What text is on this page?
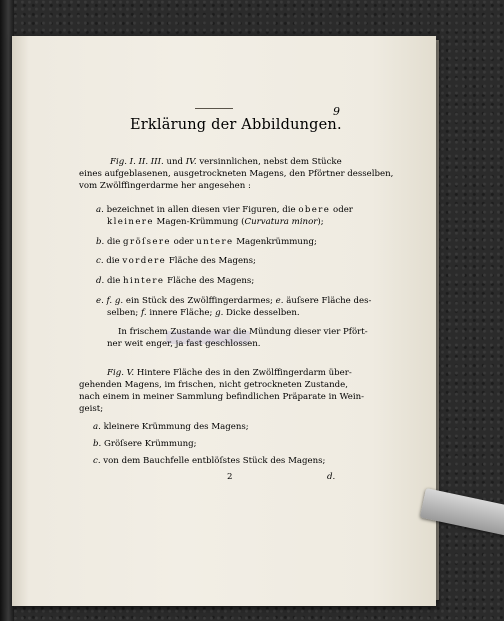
9
Erklärung der Abbildungen.
Fig. I. II. III. und IV. versinnlichen, nebst dem Stücke
eines aufgeblasenen, ausgetrockneten Magens, den Pförtner desselben,
vom Zwölffingerdarme her angesehen :
a. bezeichnet in allen diesen vier Figuren, die obere oder
kleinere Magen-Krümmung (Curvatura minor);
b. die gröſsere oder untere Magenkrümmung;
c. die vordere Fläche des Magens;
d. die hintere Fläche des Magens;
e. f. g. ein Stück des Zwölffingerdarmes; e. äuſsere Fläche des-
selben; f. innere Fläche; g. Dicke desselben.
In frischem Zustande war die Mündung dieser vier Pfört-
ner weit enger, ja fast geschlossen.
Fig. V. Hintere Fläche des in den Zwölffingerdarm über-
gehenden Magens, im frischen, nicht getrockneten Zustande,
nach einem in meiner Sammlung befindlichen Präparate in Wein-
geist;
a. kleinere Krümmung des Magens;
b. Gröſsere Krümmung;
c. von dem Bauchfelle entblöſstes Stück des Magens;
2	d.
